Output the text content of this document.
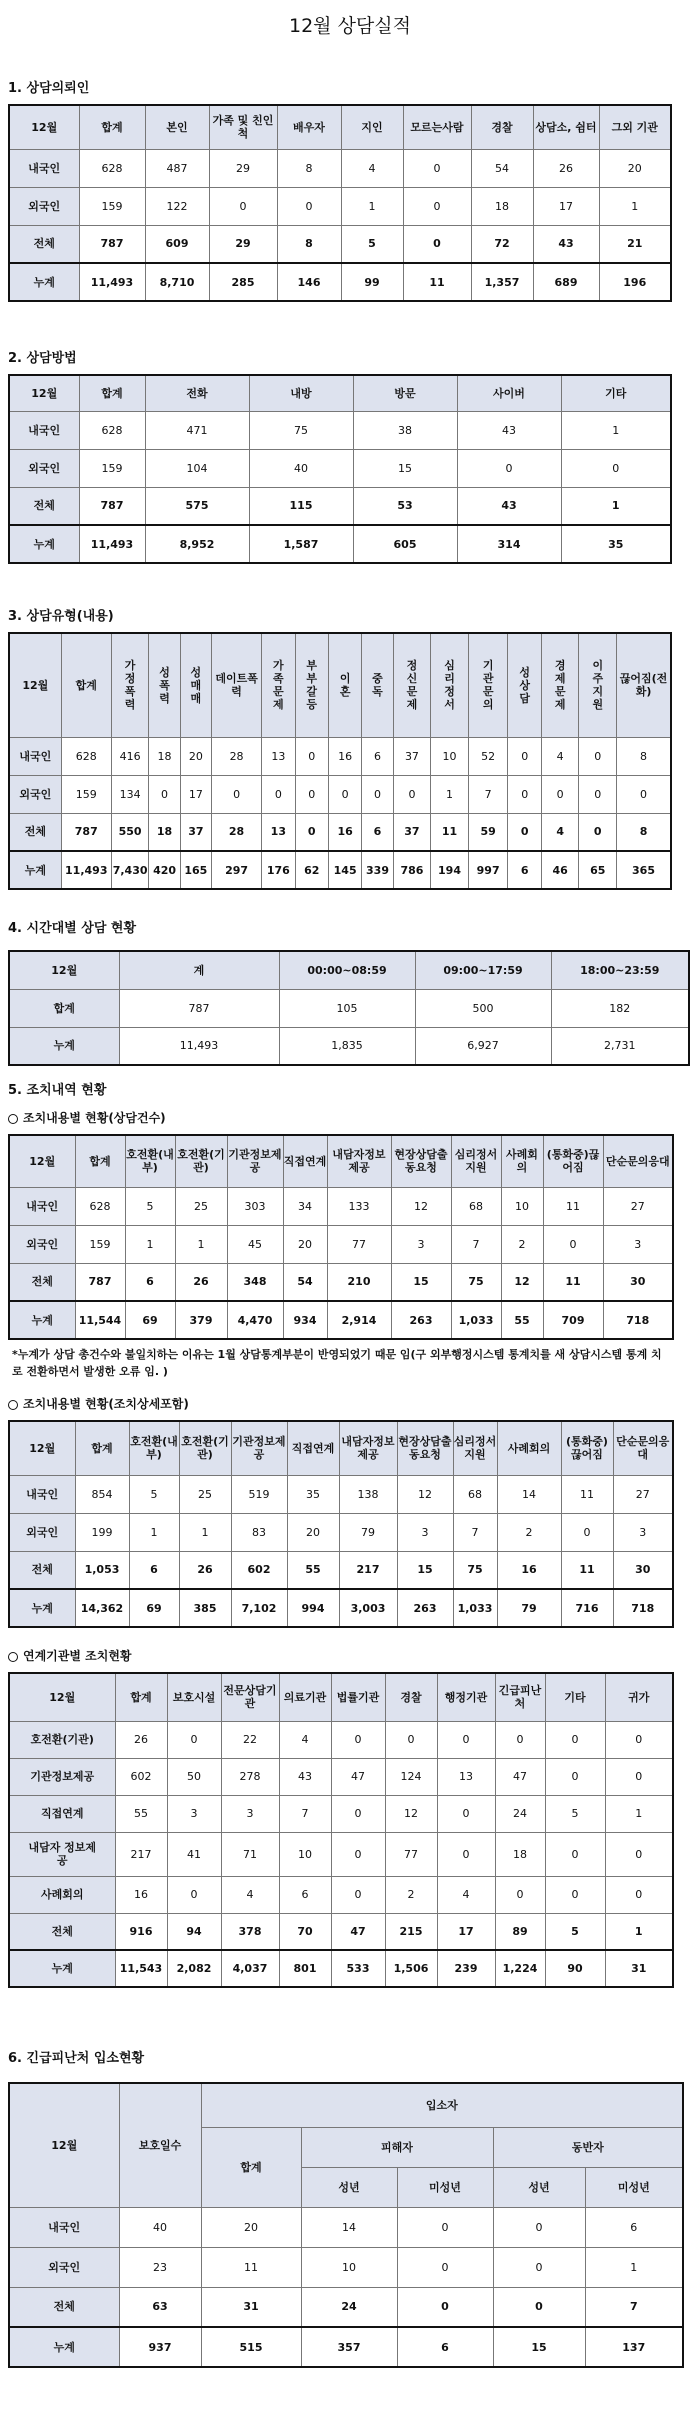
12월 상담실적
1. 상담의뢰인
12월	합계	본인	가족 및 친인척	배우자	지인	모르는사람	경찰	상담소, 쉼터	그외 기관
내국인	628	487	29	8	4	0	54	26	20
외국인	159	122	0	0	1	0	18	17	1
전체	787	609	29	8	5	0	72	43	21
누계	11,493	8,710	285	146	99	11	1,357	689	196
2. 상담방법
12월	합계	전화	내방	방문	사이버	기타
내국인	628	471	75	38	43	1
외국인	159	104	40	15	0	0
전체	787	575	115	53	43	1
누계	11,493	8,952	1,587	605	314	35
3. 상담유형(내용)
12월	합계	가정폭력	성폭력	성매매	데이트폭력	가족문제	부부갈등	이혼	중독	정신문제	심리정서	기관문의	성상담	경제문제	이주지원	끊어짐(전화)
내국인	628	416	18	20	28	13	0	16	6	37	10	52	0	4	0	8
외국인	159	134	0	17	0	0	0	0	0	0	1	7	0	0	0	0
전체	787	550	18	37	28	13	0	16	6	37	11	59	0	4	0	8
누계	11,493	7,430	420	165	297	176	62	145	339	786	194	997	6	46	65	365
4. 시간대별 상담 현황
12월	계	00:00~08:59	09:00~17:59	18:00~23:59
합계	787	105	500	182
누계	11,493	1,835	6,927	2,731
5. 조치내역 현황
조치내용별 현황(상담건수)
12월	합계	호전환(내부)	호전환(기관)	기관정보제공	직접연계	내담자정보제공	현장상담출동요청	심리정서지원	사례회의	(통화중)끊어짐	단순문의응대
내국인	628	5	25	303	34	133	12	68	10	11	27
외국인	159	1	1	45	20	77	3	7	2	0	3
전체	787	6	26	348	54	210	15	75	12	11	30
누계	11,544	69	379	4,470	934	2,914	263	1,033	55	709	718
*누계가 상담 총건수와 불일치하는 이유는 1월 상담통계부분이 반영되었기 때문 임(구 외부행정시스템 통계치를 새 상담시스템 통계 치로 전환하면서 발생한 오류 임. )
조치내용별 현황(조치상세포함)
12월	합계	호전환(내부)	호전환(기관)	기관정보제공	직접연계	내담자정보제공	현장상담출동요청	심리정서지원	사례회의	(통화중)끊어짐	단순문의응대
내국인	854	5	25	519	35	138	12	68	14	11	27
외국인	199	1	1	83	20	79	3	7	2	0	3
전체	1,053	6	26	602	55	217	15	75	16	11	30
누계	14,362	69	385	7,102	994	3,003	263	1,033	79	716	718
연계기관별 조치현황
12월	합계	보호시설	전문상담기관	의료기관	법률기관	경찰	행정기관	긴급피난처	기타	귀가
호전환(기관)	26	0	22	4	0	0	0	0	0	0
기관정보제공	602	50	278	43	47	124	13	47	0	0
직접연계	55	3	3	7	0	12	0	24	5	1
내담자 정보제공	217	41	71	10	0	77	0	18	0	0
사례회의	16	0	4	6	0	2	4	0	0	0
전체	916	94	378	70	47	215	17	89	5	1
누계	11,543	2,082	4,037	801	533	1,506	239	1,224	90	31
6. 긴급피난처 입소현황
12월	보호일수	입소자				
		합계	피해자		동반자	
			성년	미성년	성년	미성년
내국인	40	20	14	0	0	6
외국인	23	11	10	0	0	1
전체	63	31	24	0	0	7
누계	937	515	357	6	15	137
